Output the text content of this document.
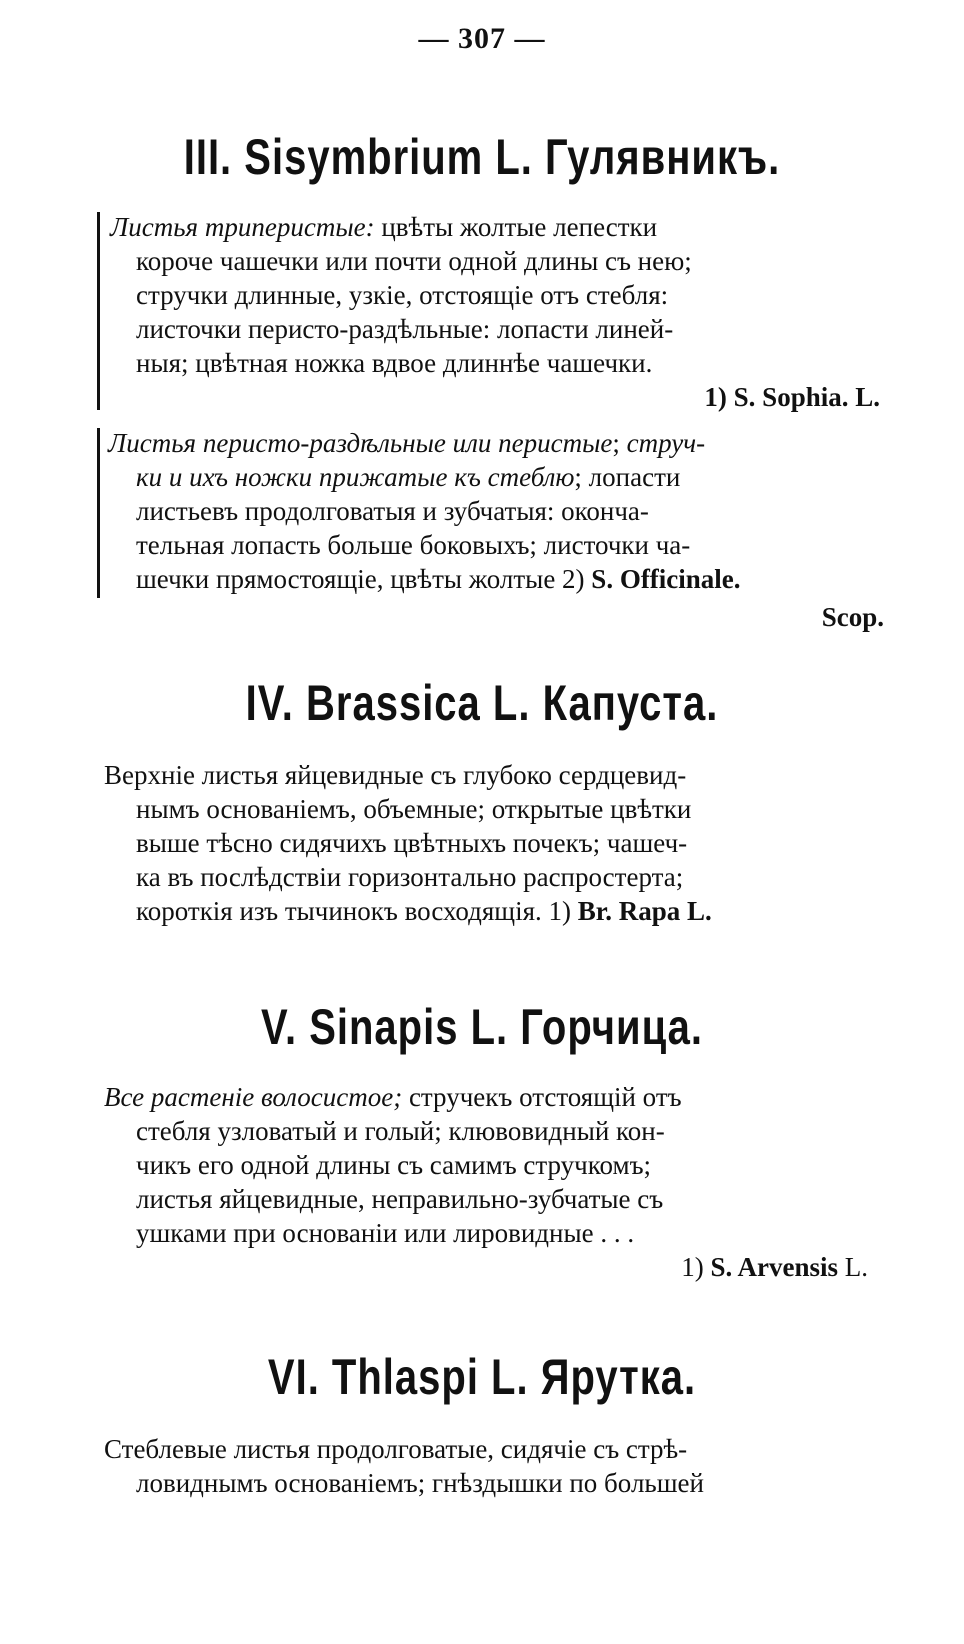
— 307 —
III. Sisymbrium L. Гулявникъ.
Листья триперистые: цвѣты жолтые лепестки
короче чашечки или почти одной длины съ нею;
стручки длинные, узкіе, отстоящіе отъ стебля:
листочки перисто-раздѣльные: лопасти линей-
ныя; цвѣтная ножка вдвое длиннѣе чашечки.
1) S. Sophia. L.
Листья перисто-раздѣльные или перистые; струч-
ки и ихъ ножки прижатые къ стеблю; лопасти
листьевъ продолговатыя и зубчатыя: оконча-
тельная лопасть больше боковыхъ; листочки ча-
шечки прямостоящіе, цвѣты жолтые 2) S. Officinale.
Scop.
IV. Brassica L. Капуста.
Верхніе листья яйцевидные съ глубоко сердцевид-
нымъ основаніемъ, объемные; открытые цвѣтки
выше тѣсно сидячихъ цвѣтныхъ почекъ; чашеч-
ка въ послѣдствіи горизонтально распростерта;
короткія изъ тычинокъ восходящія. 1) Br. Rapa L.
V. Sinapis L. Горчица.
Все растеніе волосистое; стручекъ отстоящій отъ
стебля узловатый и голый; клювовидный кон-
чикъ его одной длины съ самимъ стручкомъ;
листья яйцевидные, неправильно-зубчатые съ
ушками при основаніи или лировидные . . .
1) S. Arvensis L.
VI. Thlaspi L. Ярутка.
Стеблевые листья продолговатые, сидячіе съ стрѣ-
ловиднымъ основаніемъ; гнѣздышки по большей
